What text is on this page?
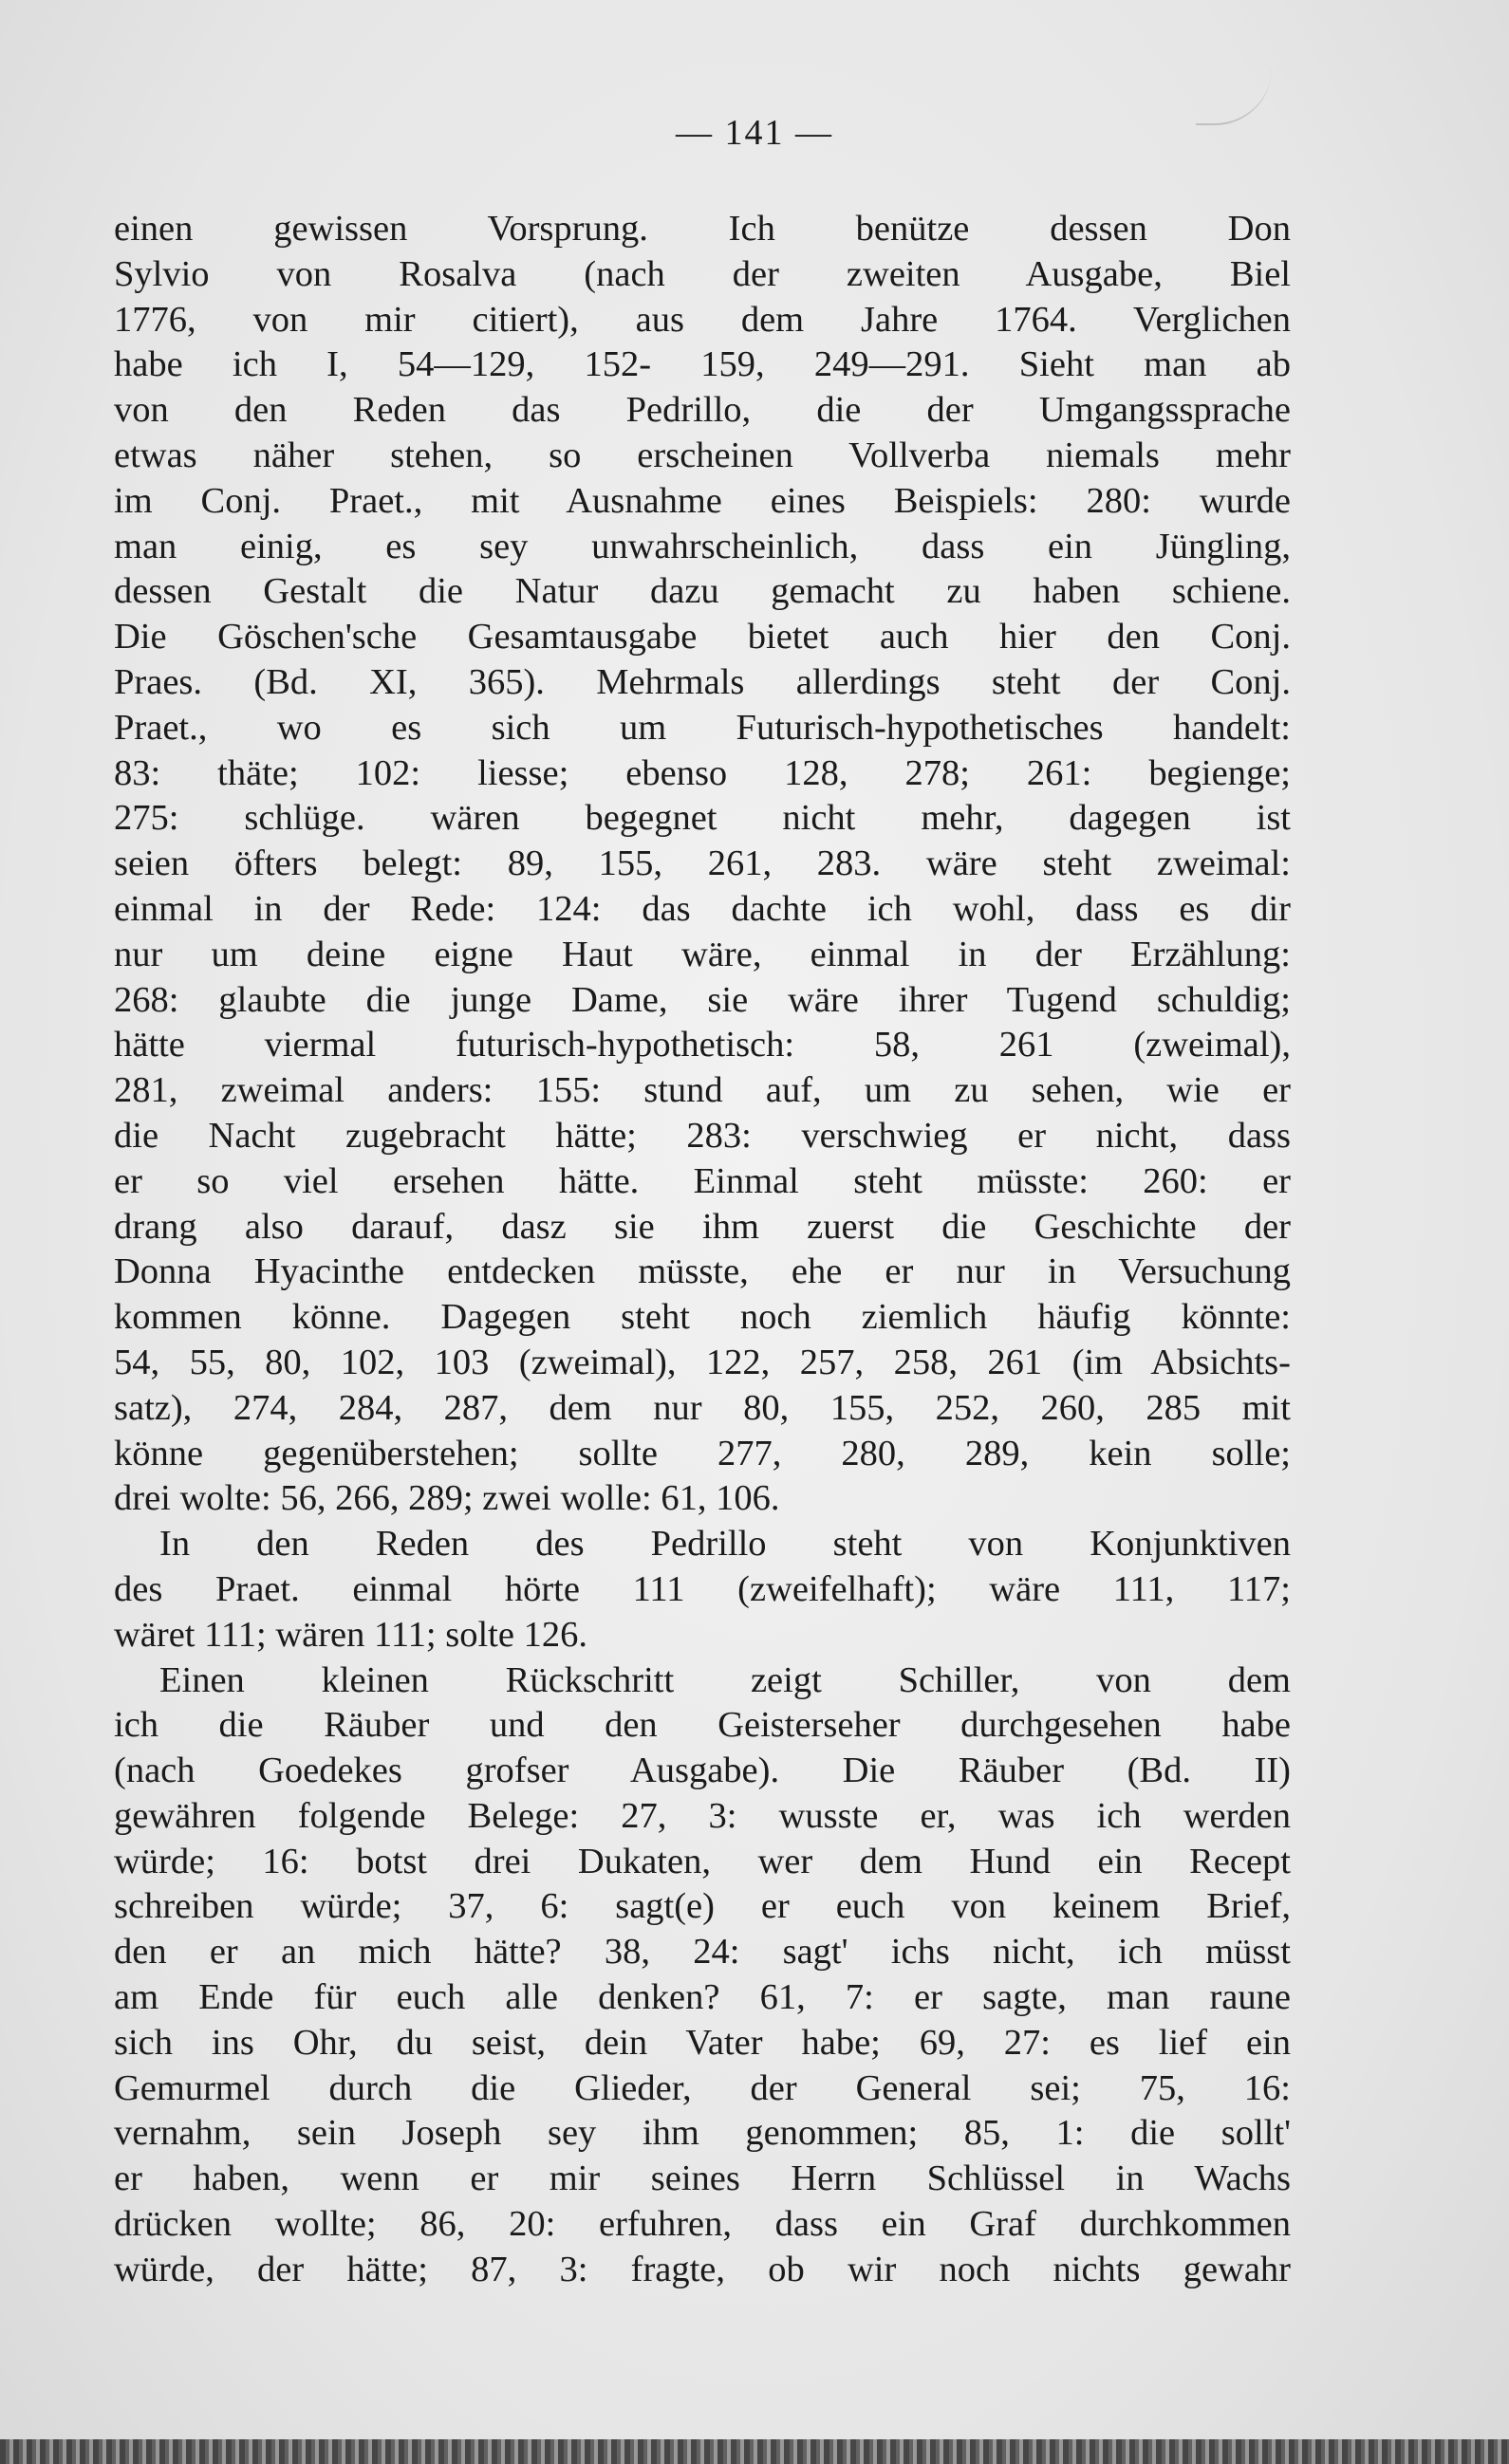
— 141 —
einen gewissen Vorsprung. Ich benütze dessen Don
Sylvio von Rosalva (nach der zweiten Ausgabe, Biel
1776, von mir citiert), aus dem Jahre 1764. Verglichen
habe ich I, 54—129, 152- 159, 249—291. Sieht man ab
von den Reden das Pedrillo, die der Umgangssprache
etwas näher stehen, so erscheinen Vollverba niemals mehr
im Conj. Praet., mit Ausnahme eines Beispiels: 280: wurde
man einig, es sey unwahrscheinlich, dass ein Jüngling,
dessen Gestalt die Natur dazu gemacht zu haben schiene.
Die Göschen'sche Gesamtausgabe bietet auch hier den Conj.
Praes. (Bd. XI, 365). Mehrmals allerdings steht der Conj.
Praet., wo es sich um Futurisch-hypothetisches handelt:
83: thäte; 102: liesse; ebenso 128, 278; 261: begienge;
275: schlüge. wären begegnet nicht mehr, dagegen ist
seien öfters belegt: 89, 155, 261, 283. wäre steht zweimal:
einmal in der Rede: 124: das dachte ich wohl, dass es dir
nur um deine eigne Haut wäre, einmal in der Erzählung:
268: glaubte die junge Dame, sie wäre ihrer Tugend schuldig;
hätte viermal futurisch-hypothetisch: 58, 261 (zweimal),
281, zweimal anders: 155: stund auf, um zu sehen, wie er
die Nacht zugebracht hätte; 283: verschwieg er nicht, dass
er so viel ersehen hätte. Einmal steht müsste: 260: er
drang also darauf, dasz sie ihm zuerst die Geschichte der
Donna Hyacinthe entdecken müsste, ehe er nur in Versuchung
kommen könne. Dagegen steht noch ziemlich häufig könnte:
54, 55, 80, 102, 103 (zweimal), 122, 257, 258, 261 (im Absichts-
satz), 274, 284, 287, dem nur 80, 155, 252, 260, 285 mit
könne gegenüberstehen; sollte 277, 280, 289, kein solle;
drei wolte: 56, 266, 289; zwei wolle: 61, 106.
In den Reden des Pedrillo steht von Konjunktiven
des Praet. einmal hörte 111 (zweifelhaft); wäre 111, 117;
wäret 111; wären 111; solte 126.
Einen kleinen Rückschritt zeigt Schiller, von dem
ich die Räuber und den Geisterseher durchgesehen habe
(nach Goedekes grofser Ausgabe). Die Räuber (Bd. II)
gewähren folgende Belege: 27, 3: wusste er, was ich werden
würde; 16: botst drei Dukaten, wer dem Hund ein Recept
schreiben würde; 37, 6: sagt(e) er euch von keinem Brief,
den er an mich hätte? 38, 24: sagt' ichs nicht, ich müsst
am Ende für euch alle denken? 61, 7: er sagte, man raune
sich ins Ohr, du seist, dein Vater habe; 69, 27: es lief ein
Gemurmel durch die Glieder, der General sei; 75, 16:
vernahm, sein Joseph sey ihm genommen; 85, 1: die sollt'
er haben, wenn er mir seines Herrn Schlüssel in Wachs
drücken wollte; 86, 20: erfuhren, dass ein Graf durchkommen
würde, der hätte; 87, 3: fragte, ob wir noch nichts gewahr
